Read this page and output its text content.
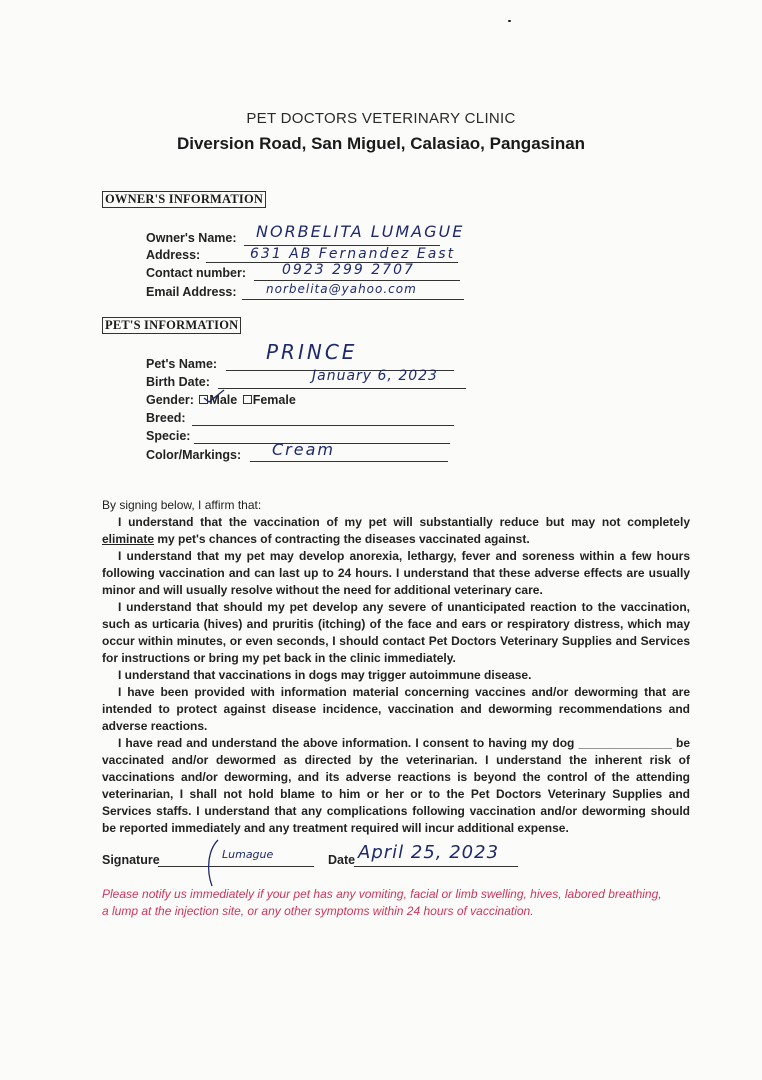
PET DOCTORS VETERINARY CLINIC
Diversion Road, San Miguel, Calasiao, Pangasinan
OWNER'S INFORMATION
Owner's Name: NORBELITA LUMAGUE
Address:	631 AB Fernandez East
Contact number:	0923 299 2707
Email Address: norbelita@yahoo.com
PET'S INFORMATION
Pet's Name: PRINCE
Birth Date:	January 6, 2023
Gender: Male Female
Breed:
Specie:
Color/Markings: Cream

By signing below, I affirm that:

I understand that the vaccination of my pet will substantially reduce but may not completely eliminate my pet's chances of contracting the diseases vaccinated against.

I understand that my pet may develop anorexia, lethargy, fever and soreness within a few hours following vaccination and can last up to 24 hours. I understand that these adverse effects are usually minor and will usually resolve without the need for additional veterinary care.

I understand that should my pet develop any severe of unanticipated reaction to the vaccination, such as urticaria (hives) and pruritis (itching) of the face and ears or respiratory distress, which may occur within minutes, or even seconds, I should contact Pet Doctors Veterinary Supplies and Services for instructions or bring my pet back in the clinic immediately.

I understand that vaccinations in dogs may trigger autoimmune disease.

I have been provided with information material concerning vaccines and/or deworming that are intended to protect against disease incidence, vaccination and deworming recommendations and adverse reactions.

I have read and understand the above information. I consent to having my dog ______________ be vaccinated and/or dewormed as directed by the veterinarian. I understand the inherent risk of vaccinations and/or deworming, and its adverse reactions is beyond the control of the attending veterinarian, I shall not hold blame to him or her or to the Pet Doctors Veterinary Supplies and Services staffs. I understand that any complications following vaccination and/or deworming should be reported immediately and any treatment required will incur additional expense.

Signature	Lumague	Date April 25, 2023
Please notify us immediately if your pet has any vomiting, facial or limb swelling, hives, labored breathing, a lump at the injection site, or any other symptoms within 24 hours of vaccination.
